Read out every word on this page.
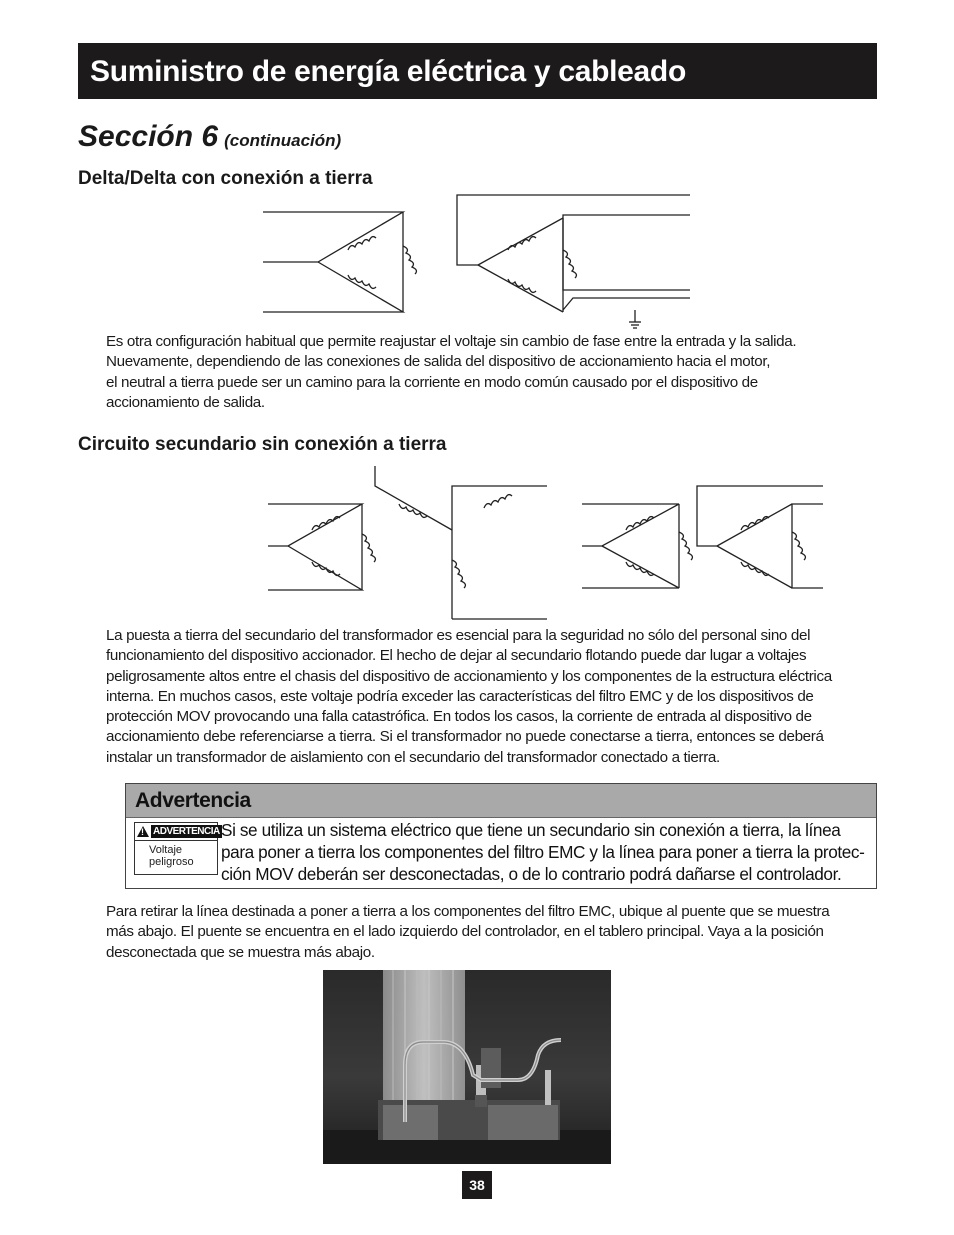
Suministro de energía eléctrica y cableado
Sección 6 (continuación)
Delta/Delta con conexión a tierra

Es otra configuración habitual que permite reajustar el voltaje sin cambio de fase entre la entrada y la salida.
Nuevamente, dependiendo de las conexiones de salida del dispositivo de accionamiento hacia el motor,
el neutral a tierra puede ser un camino para la corriente en modo común causado por el dispositivo de
accionamiento de salida.

Circuito secundario sin conexión a tierra

La puesta a tierra del secundario del transformador es esencial para la seguridad no sólo del personal sino del
funcionamiento del dispositivo accionador. El hecho de dejar al secundario flotando puede dar lugar a voltajes
peligrosamente altos entre el chasis del dispositivo de accionamiento y los componentes de la estructura eléctrica
interna. En muchos casos, este voltaje podría exceder las características del filtro EMC y de los dispositivos de
protección MOV provocando una falla catastrófica. En todos los casos, la corriente de entrada al dispositivo de
accionamiento debe referenciarse a tierra. Si el transformador no puede conectarse a tierra, entonces se deberá
instalar un transformador de aislamiento con el secundario del transformador conectado a tierra.

Advertencia
!
ADVERTENCIA
Voltaje
peligroso

Si se utiliza un sistema eléctrico que tiene un secundario sin conexión a tierra, la línea
para poner a tierra los componentes del filtro EMC y la línea para poner a tierra la protec-
ción MOV deberán ser desconectadas, o de lo contrario podrá dañarse el controlador.

Para retirar la línea destinada a poner a tierra a los componentes del filtro EMC, ubique al puente que se muestra
más abajo. El puente se encuentra en el lado izquierdo del controlador, en el tablero principal. Vaya a la posición
desconectada que se muestra más abajo.

38
